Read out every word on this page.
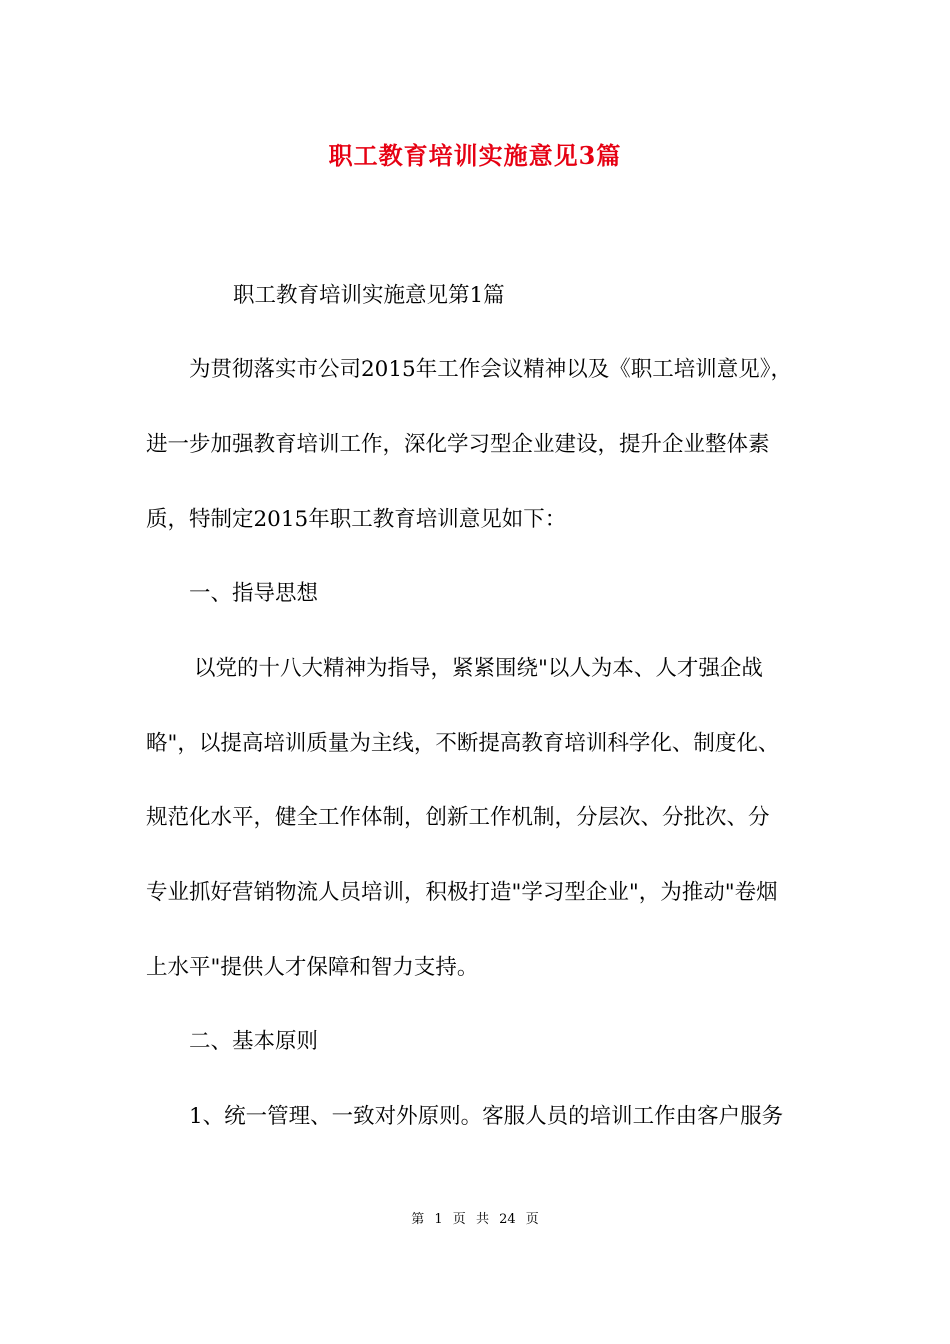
职工教育培训实施意见3篇
职工教育培训实施意见第1篇
为贯彻落实市公司2015年工作会议精神以及《职工培训意见》，
进一步加强教育培训工作，深化学习型企业建设，提升企业整体素
质，特制定2015年职工教育培训意见如下：
一、指导思想
以党的十八大精神为指导，紧紧围绕"以人为本、人才强企战
略"，以提高培训质量为主线，不断提高教育培训科学化、制度化、
规范化水平，健全工作体制，创新工作机制，分层次、分批次、分
专业抓好营销物流人员培训，积极打造"学习型企业"，为推动"卷烟
上水平"提供人才保障和智力支持。
二、基本原则
1、统一管理、一致对外原则。客服人员的培训工作由客户服务
第 1 页 共 24 页
